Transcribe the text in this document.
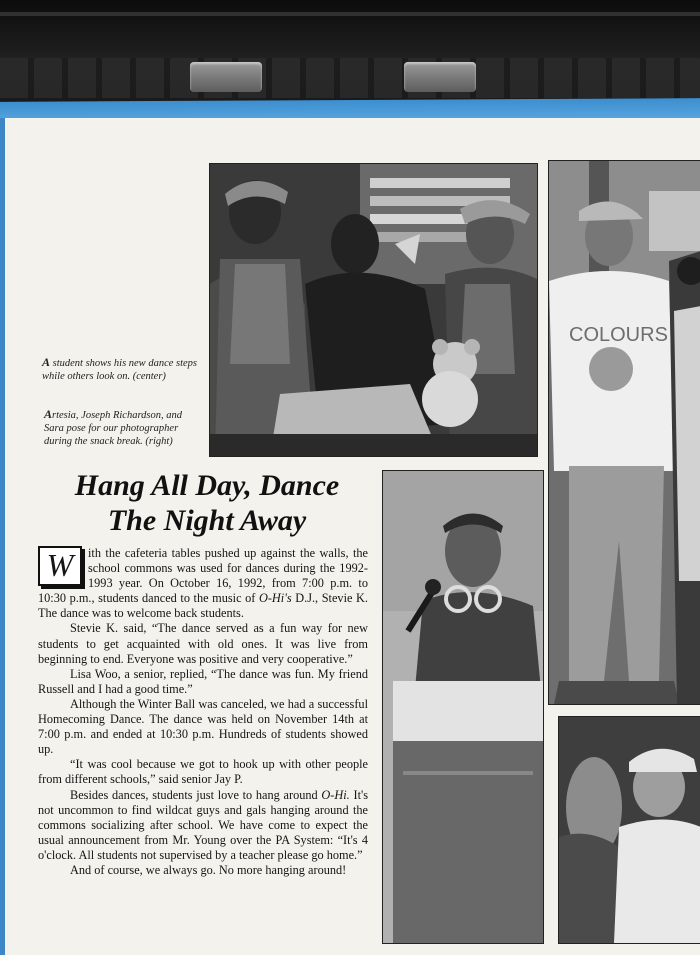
COLOURS
A student shows his new dance steps while others look on. (center)
Artesia, Joseph Richardson, and Sara pose for our photographer during the snack break. (right)
Hang All Day, Dance
The Night Away

W	ith the cafeteria tables pushed up against the walls, the school commons was used for dances during the 1992-1993 year. On October 16, 1992, from 7:00 p.m. to 10:30 p.m., students danced to the music of O-Hi's D.J., Stevie K. The dance was to welcome back students.

Stevie K. said, “The dance served as a fun way for new students to get acquainted with old ones. It was live from beginning to end. Everyone was positive and very cooperative.”

Lisa Woo, a senior, replied, “The dance was fun. My friend Russell and I had a good time.”

Although the Winter Ball was canceled, we had a successful Homecoming Dance. The dance was held on November 14th at 7:00 p.m. and ended at 10:30 p.m. Hundreds of students showed up.

“It was cool because we got to hook up with other people from different schools,” said senior Jay P.

Besides dances, students just love to hang around O-Hi. It's not uncommon to find wildcat guys and gals hanging around the commons socializing after school. We have come to expect the usual announcement from Mr. Young over the PA System: “It's 4 o'clock. All students not supervised by a teacher please go home.”

And of course, we always go. No more hanging around!
